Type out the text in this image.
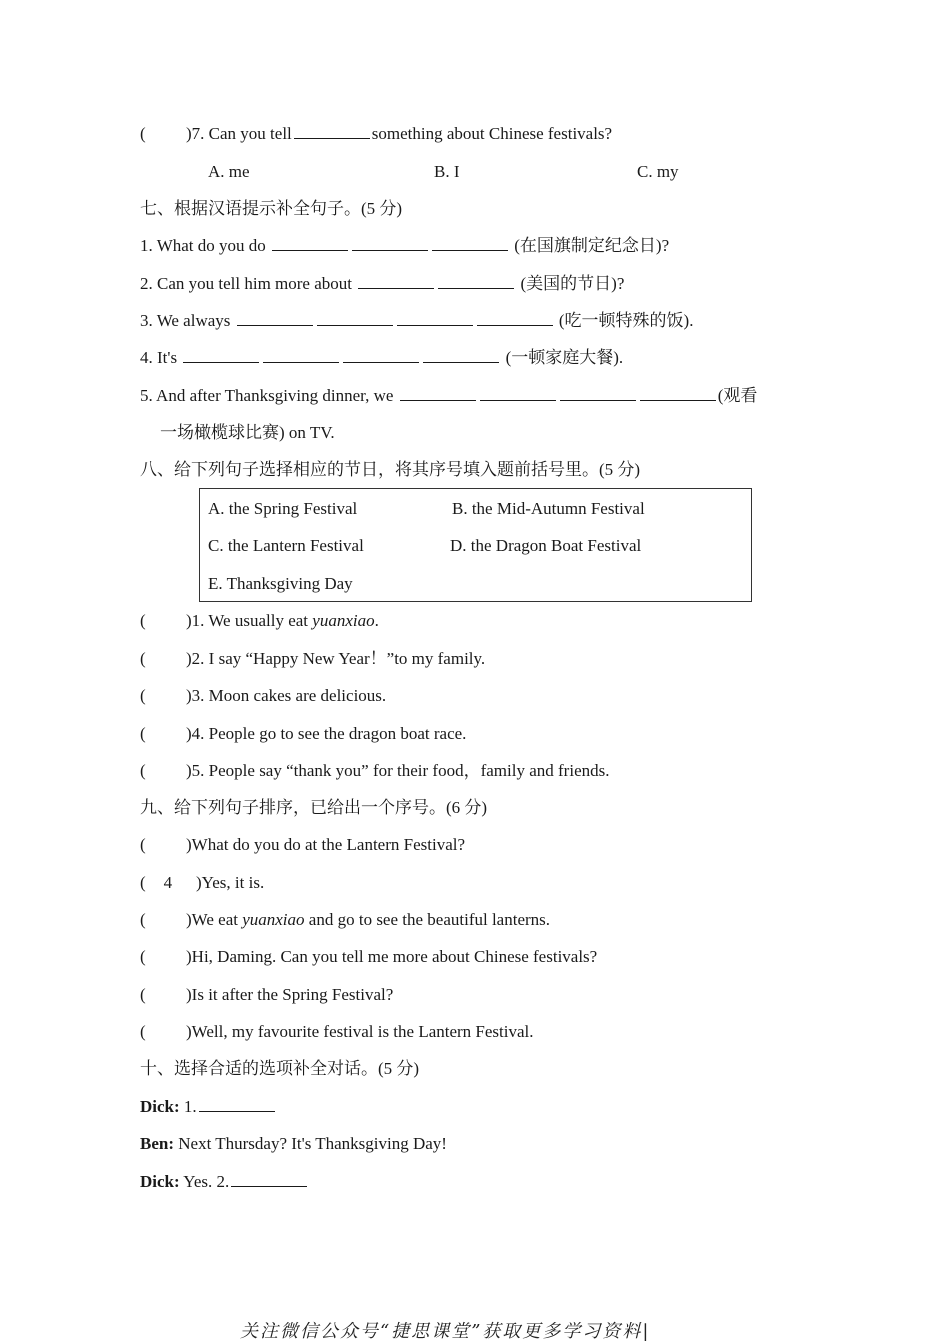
( )7. Can you tell	something about Chinese festivals?
A. me	B. I	C. my
七、根据汉语提示补全句子。(5 分)
1. What do you do	(在国旗制定纪念日)?
2. Can you tell him more about	(美国的节日)?
3. We always	(吃一顿特殊的饭).
4. It's	(一顿家庭大餐).
5. And after Thanksgiving dinner, we	(观看
一场橄榄球比赛) on TV.
八、给下列句子选择相应的节日，将其序号填入题前括号里。(5 分)
A. the Spring Festival	B. the Mid-Autumn Festival
C. the Lantern Festival	D. the Dragon Boat Festival
E. Thanksgiving Day
( )1. We usually eat yuanxiao.
( )2. I say “Happy New Year！”to my family.
( )3. Moon cakes are delicious.
( )4. People go to see the dragon boat race.
( )5. People say “thank you” for their food，family and friends.
九、给下列句子排序，已给出一个序号。(6 分)
( )What do you do at the Lantern Festival?
( 4 )Yes, it is.
( )We eat yuanxiao and go to see the beautiful lanterns.
( )Hi, Daming. Can you tell me more about Chinese festivals?
( )Is it after the Spring Festival?
( )Well, my favourite festival is the Lantern Festival.
十、选择合适的选项补全对话。(5 分)
Dick: 1.
Ben: Next Thursday? It's Thanksgiving Day!
Dick: Yes. 2.
关注微信公众号“捷思课堂”获取更多学习资料|
